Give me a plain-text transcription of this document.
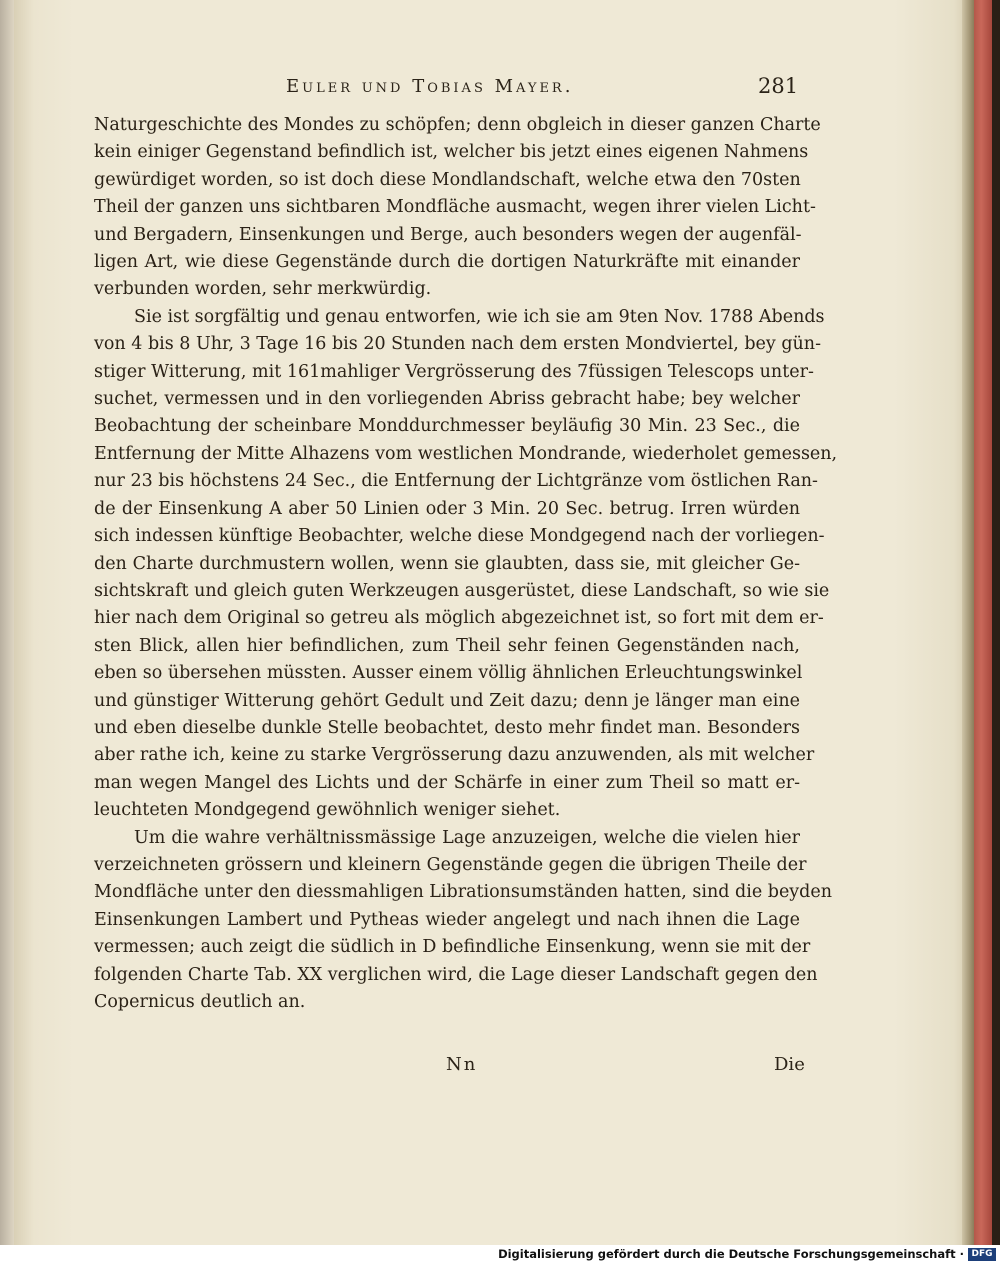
Euler und Tobias Mayer.	281

Naturgeschichte des Mondes zu schöpfen; denn obgleich in dieser ganzen Charte
kein einiger Gegenstand befindlich ist, welcher bis jetzt eines eigenen Nahmens
gewürdiget worden, so ist doch diese Mondlandschaft, welche etwa den 70sten
Theil der ganzen uns sichtbaren Mondfläche ausmacht, wegen ihrer vielen Licht-
und Bergadern, Einsenkungen und Berge, auch besonders wegen der augenfäl-
ligen Art, wie diese Gegenstände durch die dortigen Naturkräfte mit einander
verbunden worden, sehr merkwürdig.

Sie ist sorgfältig und genau entworfen, wie ich sie am 9ten Nov. 1788 Abends
von 4 bis 8 Uhr, 3 Tage 16 bis 20 Stunden nach dem ersten Mondviertel, bey gün-
stiger Witterung, mit 161mahliger Vergrösserung des 7füssigen Telescops unter-
suchet, vermessen und in den vorliegenden Abriss gebracht habe; bey welcher
Beobachtung der scheinbare Monddurchmesser beyläufig 30 Min. 23 Sec., die
Entfernung der Mitte Alhazens vom westlichen Mondrande, wiederholet gemessen,
nur 23 bis höchstens 24 Sec., die Entfernung der Lichtgränze vom östlichen Ran-
de der Einsenkung A aber 50 Linien oder 3 Min. 20 Sec. betrug. Irren würden
sich indessen künftige Beobachter, welche diese Mondgegend nach der vorliegen-
den Charte durchmustern wollen, wenn sie glaubten, dass sie, mit gleicher Ge-
sichtskraft und gleich guten Werkzeugen ausgerüstet, diese Landschaft, so wie sie
hier nach dem Original so getreu als möglich abgezeichnet ist, so fort mit dem er-
sten Blick, allen hier befindlichen, zum Theil sehr feinen Gegenständen nach,
eben so übersehen müssten. Ausser einem völlig ähnlichen Erleuchtungswinkel
und günstiger Witterung gehört Gedult und Zeit dazu; denn je länger man eine
und eben dieselbe dunkle Stelle beobachtet, desto mehr findet man. Besonders
aber rathe ich, keine zu starke Vergrösserung dazu anzuwenden, als mit welcher
man wegen Mangel des Lichts und der Schärfe in einer zum Theil so matt er-
leuchteten Mondgegend gewöhnlich weniger siehet.

Um die wahre verhältnissmässige Lage anzuzeigen, welche die vielen hier
verzeichneten grössern und kleinern Gegenstände gegen die übrigen Theile der
Mondfläche unter den diessmahligen Librationsumständen hatten, sind die beyden
Einsenkungen Lambert und Pytheas wieder angelegt und nach ihnen die Lage
vermessen; auch zeigt die südlich in D befindliche Einsenkung, wenn sie mit der
folgenden Charte Tab. XX verglichen wird, die Lage dieser Landschaft gegen den
Copernicus deutlich an.

Nn	Die
Digitalisierung gefördert durch die Deutsche Forschungsgemeinschaft · DFG
